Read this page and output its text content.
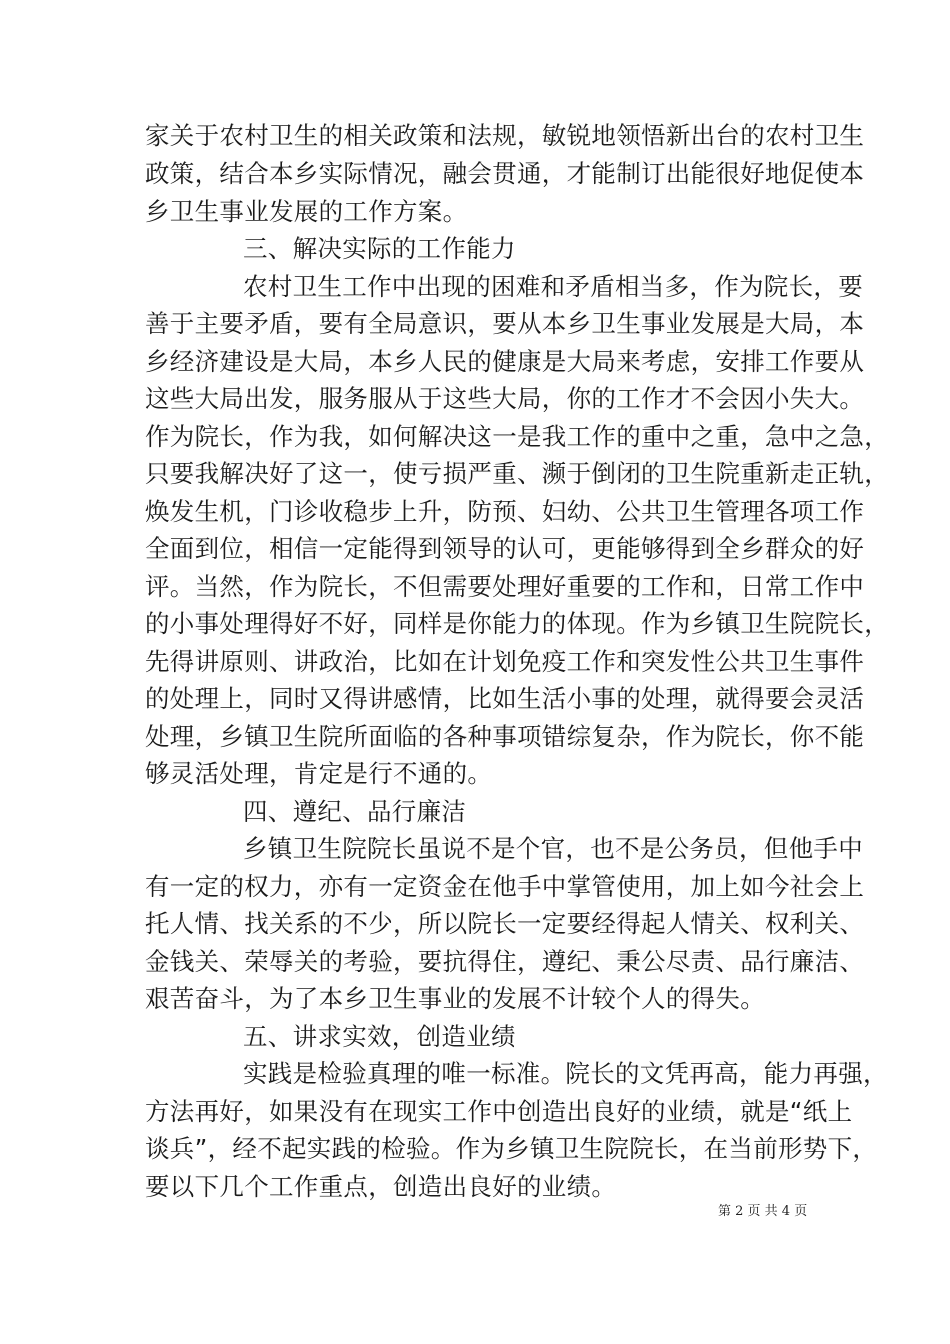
家关于农村卫生的相关政策和法规，敏锐地领悟新出台的农村卫生
政策，结合本乡实际情况，融会贯通，才能制订出能很好地促使本
乡卫生事业发展的工作方案。
三、解决实际的工作能力
农村卫生工作中出现的困难和矛盾相当多，作为院长，要
善于主要矛盾，要有全局意识，要从本乡卫生事业发展是大局，本
乡经济建设是大局，本乡人民的健康是大局来考虑，安排工作要从
这些大局出发，服务服从于这些大局，你的工作才不会因小失大。
作为院长，作为我，如何解决这一是我工作的重中之重，急中之急，
只要我解决好了这一，使亏损严重、濒于倒闭的卫生院重新走正轨，
焕发生机，门诊收稳步上升，防预、妇幼、公共卫生管理各项工作
全面到位，相信一定能得到领导的认可，更能够得到全乡群众的好
评。当然，作为院长，不但需要处理好重要的工作和，日常工作中
的小事处理得好不好，同样是你能力的体现。作为乡镇卫生院院长，
先得讲原则、讲政治，比如在计划免疫工作和突发性公共卫生事件
的处理上，同时又得讲感情，比如生活小事的处理，就得要会灵活
处理，乡镇卫生院所面临的各种事项错综复杂，作为院长，你不能
够灵活处理，肯定是行不通的。
四、遵纪、品行廉洁
乡镇卫生院院长虽说不是个官，也不是公务员，但他手中
有一定的权力，亦有一定资金在他手中掌管使用，加上如今社会上
托人情、找关系的不少，所以院长一定要经得起人情关、权利关、
金钱关、荣辱关的考验，要抗得住，遵纪、秉公尽责、品行廉洁、
艰苦奋斗，为了本乡卫生事业的发展不计较个人的得失。
五、讲求实效，创造业绩
实践是检验真理的唯一标准。院长的文凭再高，能力再强，
方法再好，如果没有在现实工作中创造出良好的业绩，就是“纸上
谈兵”，经不起实践的检验。作为乡镇卫生院院长，在当前形势下，
要以下几个工作重点，创造出良好的业绩。
第 2 页 共 4 页
